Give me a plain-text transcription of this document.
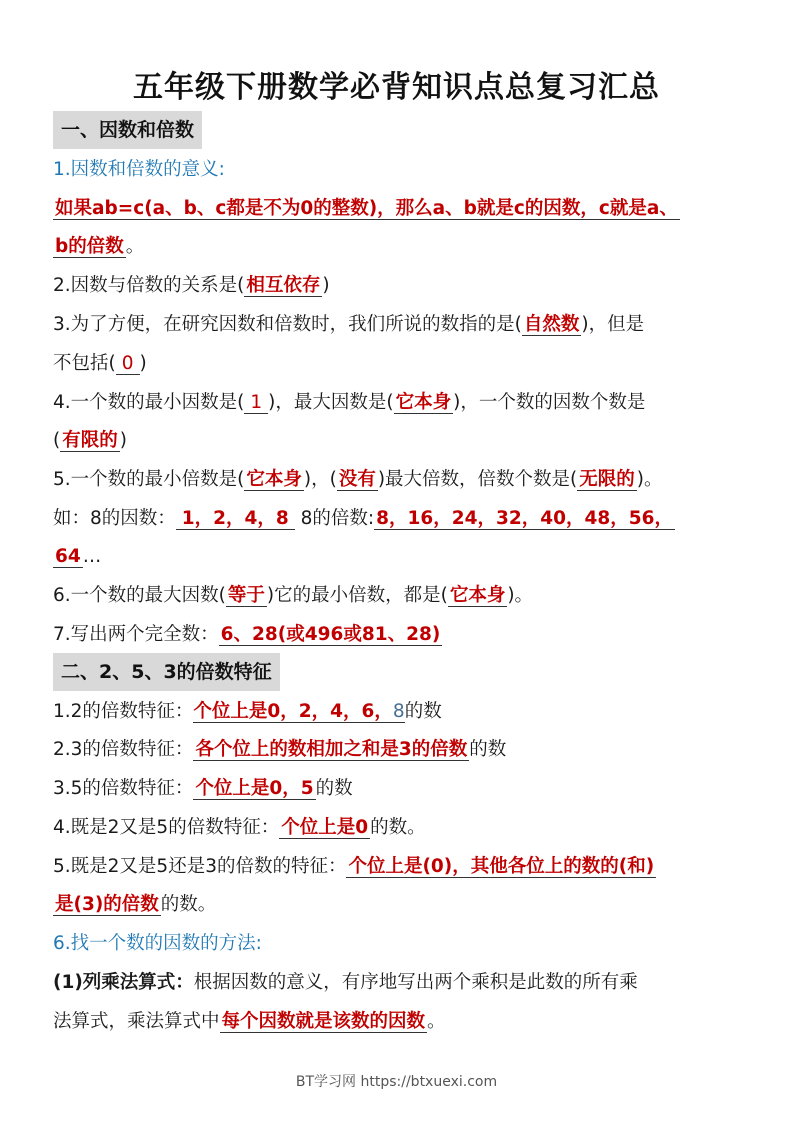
五年级下册数学必背知识点总复习汇总
一、因数和倍数
1.因数和倍数的意义:
如果ab=c(a、b、c都是不为0的整数)，那么a、b就是c的因数，c就是a、
b的倍数 。
2.因数与倍数的关系是( 相互依存 )
3.为了方便，在研究因数和倍数时，我们所说的数指的是( 自然数 )，但是
不包括( 0 )
4.一个数的最小因数是( 1 )，最大因数是( 它本身 )，一个数的因数个数是
( 有限的 )
5.一个数的最小倍数是( 它本身 )，( 没有 )最大倍数，倍数个数是( 无限的 )。
如：8的因数： 1，2，4，8 8的倍数: 8，16，24，32，40，48，56，
64 …
6.一个数的最大因数( 等于 )它的最小倍数，都是( 它本身 )。
7.写出两个完全数： 6、28(或496或81、28)
二、2、5、3的倍数特征
1.2的倍数特征：个位上是0，2，4，6，8的数
2.3的倍数特征： 各个位上的数相加之和是3的倍数 的数
3.5的倍数特征： 个位上是0，5 的数
4.既是2又是5的倍数特征： 个位上是0 的数。
5.既是2又是5还是3的倍数的特征： 个位上是(0)，其他各位上的数的(和)
是(3)的倍数 的数。
6.找一个数的因数的方法:
(1)列乘法算式：根据因数的意义，有序地写出两个乘积是此数的所有乘
法算式，乘法算式中 每个因数就是该数的因数 。
BT学习网 https://btxuexi.com
